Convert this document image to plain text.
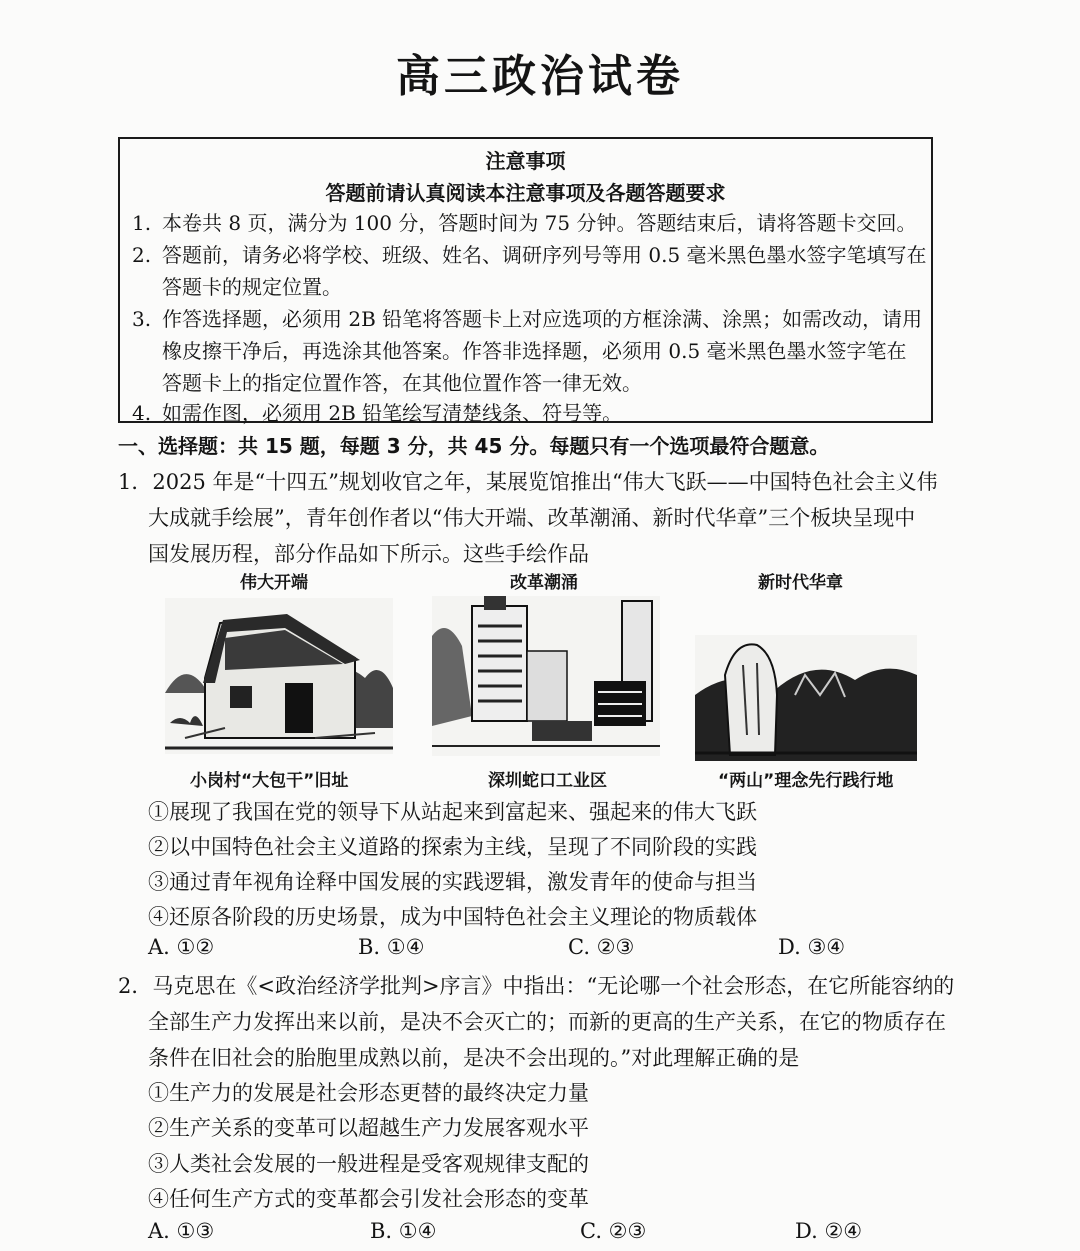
高三政治试卷
注意事项
答题前请认真阅读本注意事项及各题答题要求
1. 本卷共 8 页，满分为 100 分，答题时间为 75 分钟。答题结束后，请将答题卡交回。
2. 答题前，请务必将学校、班级、姓名、调研序列号等用 0.5 毫米黑色墨水签字笔填写在
答题卡的规定位置。
3. 作答选择题，必须用 2B 铅笔将答题卡上对应选项的方框涂满、涂黑；如需改动，请用
橡皮擦干净后，再选涂其他答案。作答非选择题，必须用 0.5 毫米黑色墨水签字笔在
答题卡上的指定位置作答，在其他位置作答一律无效。
4. 如需作图，必须用 2B 铅笔绘写清楚线条、符号等。
一、选择题：共 15 题，每题 3 分，共 45 分。每题只有一个选项最符合题意。
1．2025 年是“十四五”规划收官之年，某展览馆推出“伟大飞跃——中国特色社会主义伟
大成就手绘展”，青年创作者以“伟大开端、改革潮涌、新时代华章”三个板块呈现中
国发展历程，部分作品如下所示。这些手绘作品
伟大开端	改革潮涌	新时代华章
小岗村“大包干”旧址	深圳蛇口工业区	“两山”理念先行践行地
①展现了我国在党的领导下从站起来到富起来、强起来的伟大飞跃
②以中国特色社会主义道路的探索为主线，呈现了不同阶段的实践
③通过青年视角诠释中国发展的实践逻辑，激发青年的使命与担当
④还原各阶段的历史场景，成为中国特色社会主义理论的物质载体
A. ①②	B. ①④	C. ②③	D. ③④
2．马克思在《<政治经济学批判>序言》中指出：“无论哪一个社会形态，在它所能容纳的
全部生产力发挥出来以前，是决不会灭亡的；而新的更高的生产关系，在它的物质存在
条件在旧社会的胎胞里成熟以前，是决不会出现的。”对此理解正确的是
①生产力的发展是社会形态更替的最终决定力量
②生产关系的变革可以超越生产力发展客观水平
③人类社会发展的一般进程是受客观规律支配的
④任何生产方式的变革都会引发社会形态的变革
A. ①③	B. ①④	C. ②③	D. ②④
